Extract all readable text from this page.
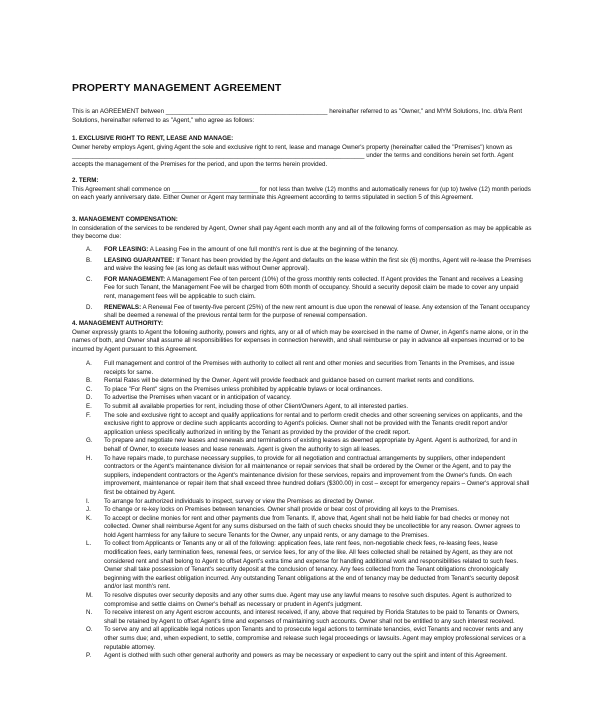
PROPERTY MANAGEMENT AGREEMENT
This is an AGREEMENT between _______________________________________________ hereinafter referred to as "Owner," and MYM Solutions, Inc. d/b/a Rent Solutions, hereinafter referred to as "Agent," who agree as follows:
1. EXCLUSIVE RIGHT TO RENT, LEASE AND MANAGE:
Owner hereby employs Agent, giving Agent the sole and exclusive right to rent, lease and manage Owner's property (hereinafter called the "Premises") known as _____________________________________________________________________________________ under the terms and conditions herein set forth. Agent accepts the management of the Premises for the period, and upon the terms herein provided.
2. TERM:
This Agreement shall commence on _________________________ for not less than twelve (12) months and automatically renews for (up to) twelve (12) month periods on each yearly anniversary date. Either Owner or Agent may terminate this Agreement according to terms stipulated in section 5 of this Agreement.
3. MANAGEMENT COMPENSATION:
In consideration of the services to be rendered by Agent, Owner shall pay Agent each month any and all of the following forms of compensation as may be applicable as they become due:
A.	FOR LEASING: A Leasing Fee in the amount of one full month's rent is due at the beginning of the tenancy.
B.	LEASING GUARANTEE: If Tenant has been provided by the Agent and defaults on the lease within the first six (6) months, Agent will re-lease the Premises and waive the leasing fee (as long as default was without Owner approval).
C.	FOR MANAGEMENT: A Management Fee of ten percent (10%) of the gross monthly rents collected. If Agent provides the Tenant and receives a Leasing Fee for such Tenant, the Management Fee will be charged from 60th month of occupancy. Should a security deposit claim be made to cover any unpaid rent, management fees will be applicable to such claim.
D.	RENEWALS: A Renewal Fee of twenty-five percent (25%) of the new rent amount is due upon the renewal of lease. Any extension of the Tenant occupancy shall be deemed a renewal of the previous rental term for the purpose of renewal compensation.
4. MANAGEMENT AUTHORITY:
Owner expressly grants to Agent the following authority, powers and rights, any or all of which may be exercised in the name of Owner, in Agent's name alone, or in the names of both, and Owner shall assume all responsibilities for expenses in connection herewith, and shall reimburse or pay in advance all expenses incurred or to be incurred by Agent pursuant to this Agreement.
A.	Full management and control of the Premises with authority to collect all rent and other monies and securities from Tenants in the Premises, and issue receipts for same.
B.	Rental Rates will be determined by the Owner. Agent will provide feedback and guidance based on current market rents and conditions.
C.	To place "For Rent" signs on the Premises unless prohibited by applicable bylaws or local ordinances.
D.	To advertise the Premises when vacant or in anticipation of vacancy.
E.	To submit all available properties for rent, including those of other Client/Owners Agent, to all interested parties.
F.	The sole and exclusive right to accept and qualify applications for rental and to perform credit checks and other screening services on applicants, and the exclusive right to approve or decline such applicants according to Agent's policies. Owner shall not be provided with the Tenants credit report and/or application unless specifically authorized in writing by the Tenant as provided by the provider of the credit report.
G.	To prepare and negotiate new leases and renewals and terminations of existing leases as deemed appropriate by Agent. Agent is authorized, for and in behalf of Owner, to execute leases and lease renewals. Agent is given the authority to sign all leases.
H.	To have repairs made, to purchase necessary supplies, to provide for all negotiation and contractual arrangements by suppliers, other independent contractors or the Agent's maintenance division for all maintenance or repair services that shall be ordered by the Owner or the Agent, and to pay the suppliers, independent contractors or the Agent's maintenance division for these services, repairs and improvement from the Owner's funds. On each improvement, maintenance or repair item that shall exceed three hundred dollars ($300.00) in cost – except for emergency repairs – Owner's approval shall first be obtained by Agent.
I.	To arrange for authorized individuals to inspect, survey or view the Premises as directed by Owner.
J.	To change or re-key locks on Premises between tenancies. Owner shall provide or bear cost of providing all keys to the Premises.
K.	To accept or decline monies for rent and other payments due from Tenants. If, above that, Agent shall not be held liable for bad checks or money not collected. Owner shall reimburse Agent for any sums disbursed on the faith of such checks should they be uncollectible for any reason. Owner agrees to hold Agent harmless for any failure to secure Tenants for the Owner, any unpaid rents, or any damage to the Premises.
L.	To collect from Applicants or Tenants any or all of the following: application fees, late rent fees, non-negotiable check fees, re-leasing fees, lease modification fees, early termination fees, renewal fees, or service fees, for any of the like. All fees collected shall be retained by Agent, as they are not considered rent and shall belong to Agent to offset Agent's extra time and expense for handling additional work and responsibilities related to such fees. Owner shall take possession of Tenant's security deposit at the conclusion of tenancy. Any fees collected from the Tenant obligations chronologically beginning with the earliest obligation incurred. Any outstanding Tenant obligations at the end of tenancy may be deducted from Tenant's security deposit and/or last month's rent.
M.	To resolve disputes over security deposits and any other sums due. Agent may use any lawful means to resolve such disputes. Agent is authorized to compromise and settle claims on Owner's behalf as necessary or prudent in Agent's judgment.
N.	To receive interest on any Agent escrow accounts, and interest received, if any, above that required by Florida Statutes to be paid to Tenants or Owners, shall be retained by Agent to offset Agent's time and expenses of maintaining such accounts. Owner shall not be entitled to any such interest received.
O.	To serve any and all applicable legal notices upon Tenants and to prosecute legal actions to terminate tenancies, evict Tenants and recover rents and any other sums due; and, when expedient, to settle, compromise and release such legal proceedings or lawsuits. Agent may employ professional services or a reputable attorney.
P.	Agent is clothed with such other general authority and powers as may be necessary or expedient to carry out the spirit and intent of this Agreement.
